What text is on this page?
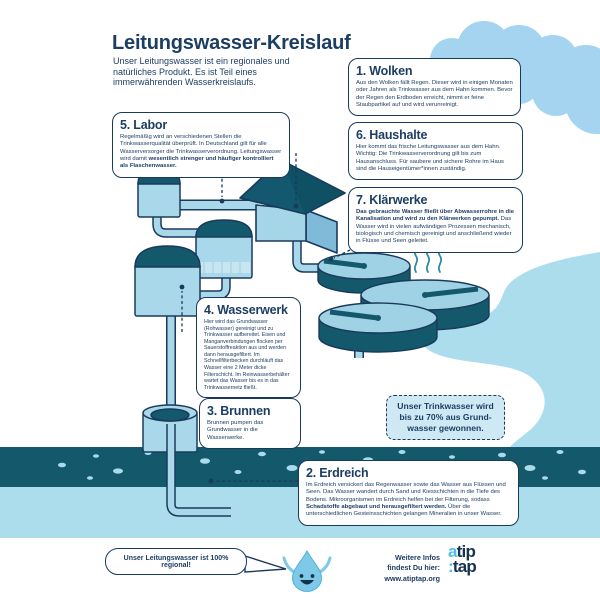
Leitungswasser-Kreislauf
Unser Leitungswasser ist ein regionales und natürliches Produkt. Es ist Teil eines immerwährenden Wasserkreislaufs.
1. Wolken

Aus den Wolken fällt Regen. Dieser wird in einigen Monaten oder Jahren als Trinkwasser aus dem Hahn kommen. Bevor der Regen den Erdboden erreicht, nimmt er feine Staubpartikel auf und wird verunreinigt.

5. Labor

Regelmäßig wird an verschiedenen Stellen die Trinkwasserqualität überprüft. In Deutschland gilt für alle Wasserversorger die Trinkwasserverordnung. Leitungswasser wird damit wesentlich strenger und häufiger kontrolliert als Flaschenwasser.

6. Haushalte

Hier kommt das frische Leitungswasser aus dem Hahn. Wichtig: Die Trinkwasserverordnung gilt bis zum Hausanschluss. Für saubere und sichere Rohre im Haus sind die Hauseigentümer*innen zuständig.

7. Klärwerke

Das gebrauchte Wasser fließt über Abwasserrohre in die Kanalisation und wird zu den Klärwerken gepumpt. Das Wasser wird in vielen aufwändigen Prozessen mechanisch, biologisch und chemisch gereinigt und anschließend wieder in Flüsse und Seen geleitet.

4. Wasserwerk

Hier wird das Grundwasser (Rohwasser) gereinigt und zu Trinkwasser aufbereitet. Eisen und Manganverbindungen flocken per Sauerstoffreaktion aus und werden dann herausgefiltert. Im Schnellfilterbecken durchläuft das Wasser eine 2 Meter dicke Filterschicht. Im Reinwasserbehälter wartet das Wasser bis es in das Trinkwassernetz fließt.

3. Brunnen

Brunnen pumpen das Grundwasser in die Wasserwerke.

2. Erdreich

Im Erdreich versickert das Regenwasser sowie das Wasser aus Flüssen und Seen. Das Wasser wandert durch Sand und Kiesschichten in die Tiefe des Bodens. Mikroorganismen im Erdreich helfen bei der Filterung, sodass Schadstoffe abgebaut und herausgefiltert werden. Über die unterschiedlichen Gesteinsschichten gelangen Mineralien in unser Wasser.

Unser Trinkwasser wird bis zu 70% aus Grund-wasser gewonnen.
Unser Leitungswasser ist 100% regional!
Weitere Infos
findest Du hier:
www.atiptap.org
atip
:tap
